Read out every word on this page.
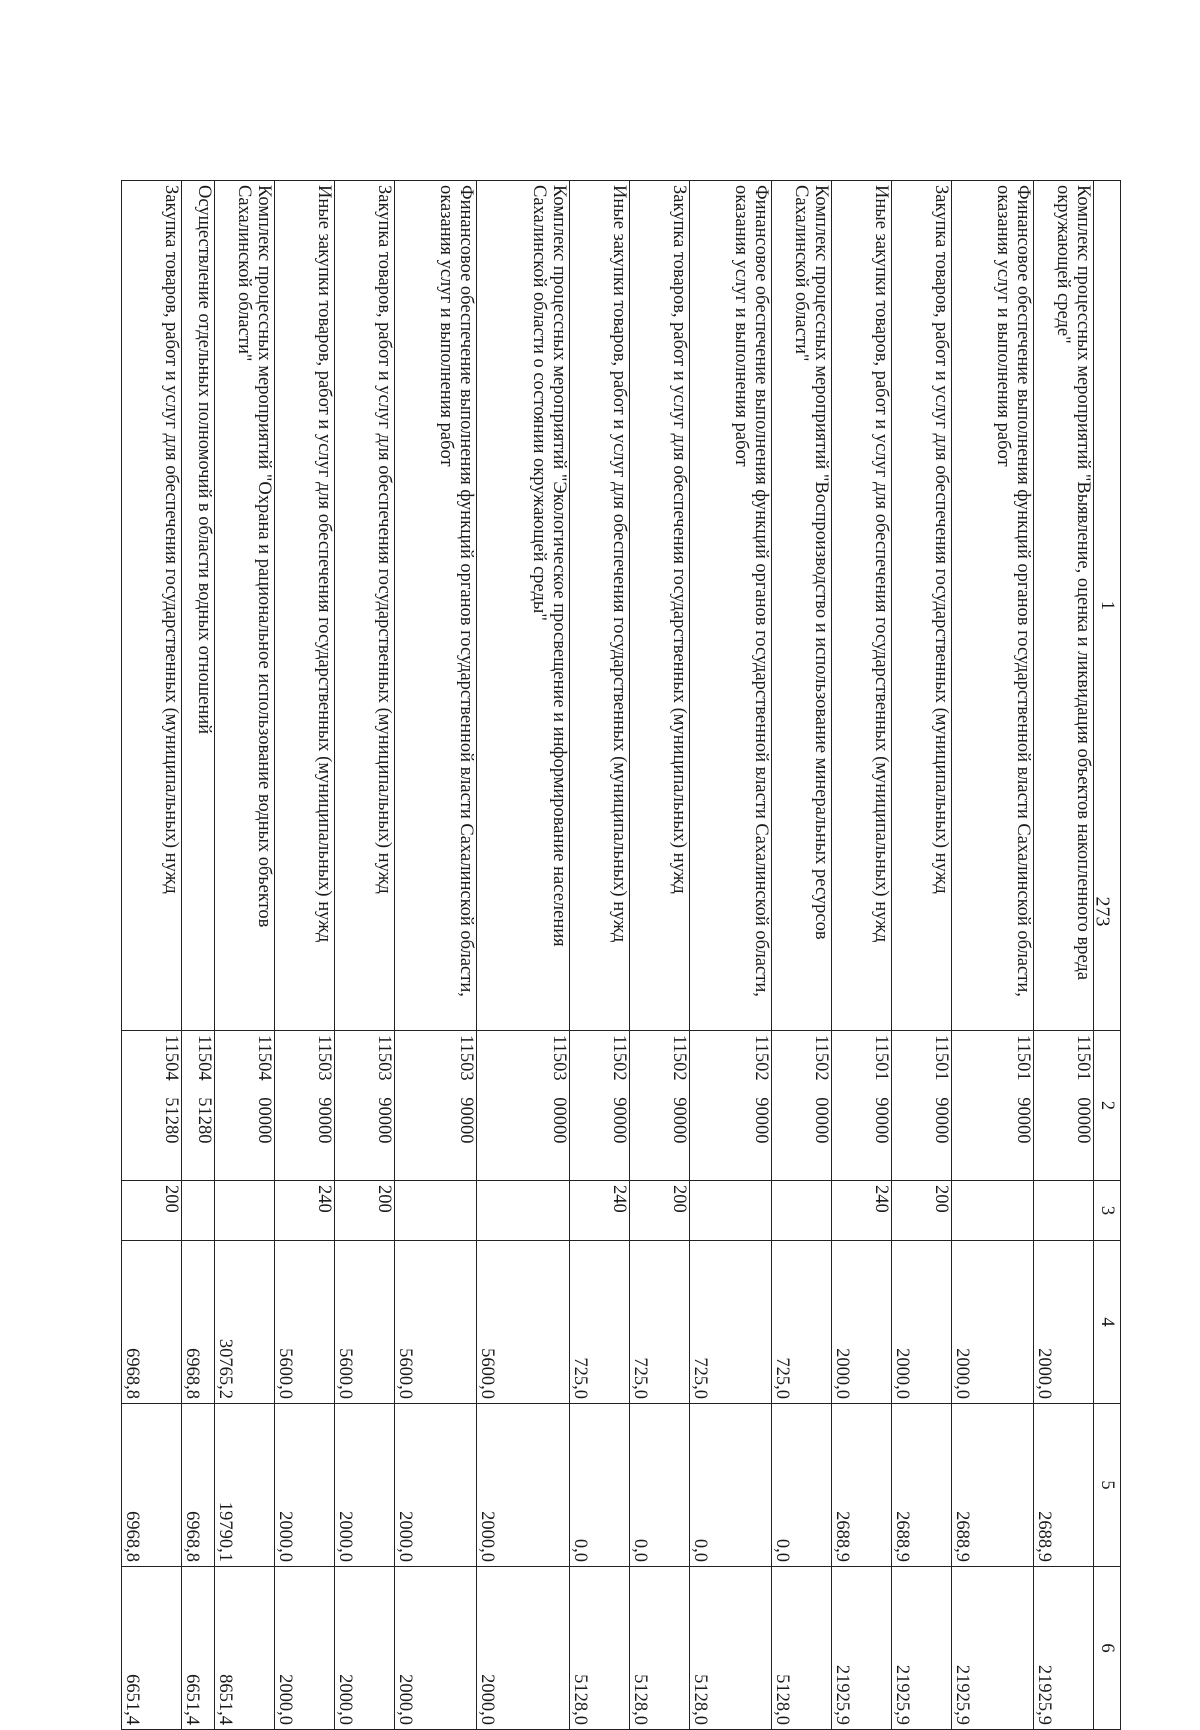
273
1	2	3	4	5	6
Комплекс процессных мероприятий "Выявление, оценка и ликвидация объектов накопленного вреда окружающей среде"	11501 00000		2000,0	2688,9	21925,9
Финансовое обеспечение выполнения функций органов государственной власти Сахалинской области, оказания услуг и выполнения работ	11501 90000		2000,0	2688,9	21925,9
Закупка товаров, работ и услуг для обеспечения государственных (муниципальных) нужд	11501 90000	200	2000,0	2688,9	21925,9
Иные закупки товаров, работ и услуг для обеспечения государственных (муниципальных) нужд	11501 90000	240	2000,0	2688,9	21925,9
Комплекс процессных мероприятий "Воспроизводство и использование минеральных ресурсов Сахалинской области"	11502 00000		725,0	0,0	5128,0
Финансовое обеспечение выполнения функций органов государственной власти Сахалинской области, оказания услуг и выполнения работ	11502 90000		725,0	0,0	5128,0
Закупка товаров, работ и услуг для обеспечения государственных (муниципальных) нужд	11502 90000	200	725,0	0,0	5128,0
Иные закупки товаров, работ и услуг для обеспечения государственных (муниципальных) нужд	11502 90000	240	725,0	0,0	5128,0
Комплекс процессных мероприятий "Экологическое просвещение и информирование населения Сахалинской области о состоянии окружающей среды"	11503 00000		5600,0	2000,0	2000,0
Финансовое обеспечение выполнения функций органов государственной власти Сахалинской области, оказания услуг и выполнения работ	11503 90000		5600,0	2000,0	2000,0
Закупка товаров, работ и услуг для обеспечения государственных (муниципальных) нужд	11503 90000	200	5600,0	2000,0	2000,0
Иные закупки товаров, работ и услуг для обеспечения государственных (муниципальных) нужд	11503 90000	240	5600,0	2000,0	2000,0
Комплекс процессных мероприятий "Охрана и рациональное использование водных объектов Сахалинской области"	11504 00000		30765,2	19790,1	8651,4
Осуществление отдельных полномочий в области водных отношений	11504 51280		6968,8	6968,8	6651,4
Закупка товаров, работ и услуг для обеспечения государственных (муниципальных) нужд	11504 51280	200	6968,8	6968,8	6651,4
